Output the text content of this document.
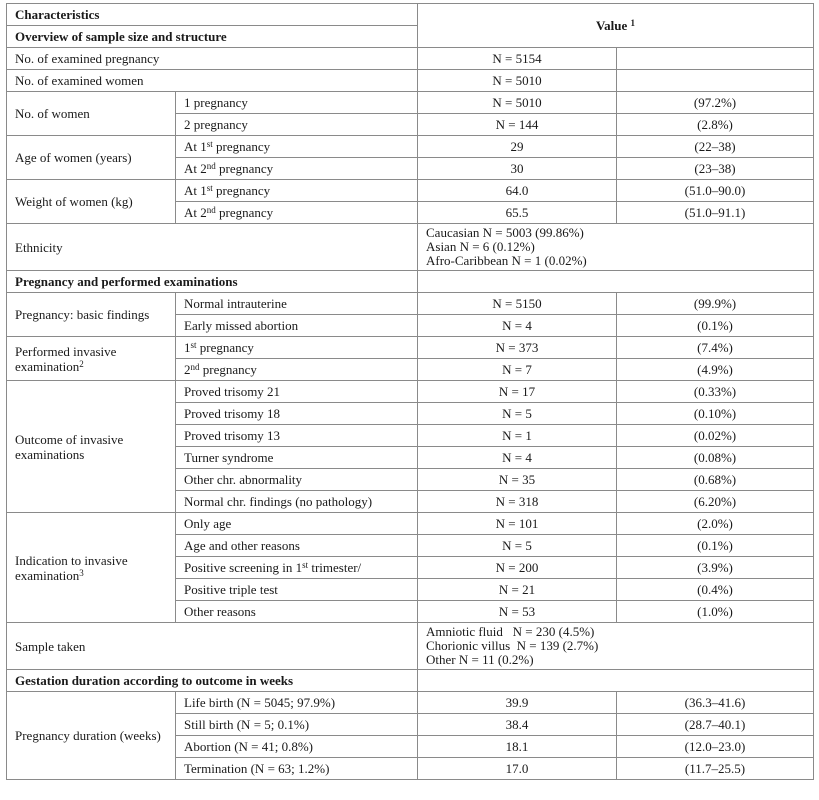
Characteristics		Value $^1$
Overview of sample size and structure			
No. of examined pregnancy		N = 5154	
No. of examined women		N = 5010	
No. of women	1 pregnancy	N = 5010	(97.2%)
	2 pregnancy	N = 144	(2.8%)
Age of women (years)	At 1st pregnancy	29	(22–38)
	At 2nd pregnancy	30	(23–38)
Weight of women (kg)	At 1st pregnancy	64.0	(51.0–90.0)
	At 2nd pregnancy	65.5	(51.0–91.1)
Ethnicity		Caucasian N = 5003 (99.86%)
Asian N = 6 (0.12%)
Afro-Caribbean N = 1 (0.02%)	

Pregnancy and performed examinations			
Pregnancy: basic findings	Normal intrauterine	N = 5150	(99.9%)
	Early missed abortion	N = 4	(0.1%)
Performed invasive
examination$^2$	1st pregnancy	N = 373	(7.4%)
	2nd pregnancy	N = 7	(4.9%)
Outcome of invasive
examinations	Proved trisomy 21	N = 17	(0.33%)
	Proved trisomy 18	N = 5	(0.10%)
	Proved trisomy 13	N = 1	(0.02%)
	Turner syndrome	N = 4	(0.08%)
	Other chr. abnormality	N = 35	(0.68%)
	Normal chr. findings (no pathology)	N = 318	(6.20%)
Indication to invasive
examination$^3$	Only age	N = 101	(2.0%)
	Age and other reasons	N = 5	(0.1%)
	Positive screening in 1st trimester/	N = 200	(3.9%)
	Positive triple test	N = 21	(0.4%)
	Other reasons	N = 53	(1.0%)
Sample taken		Amniotic fluid   N = 230 (4.5%)
Chorionic villus  N = 139 (2.7%)
Other N = 11 (0.2%)	

Gestation duration according to outcome in weeks			
Pregnancy duration (weeks)	Life birth (N = 5045; 97.9%)	39.9	(36.3–41.6)
	Still birth (N = 5; 0.1%)	38.4	(28.7–40.1)
	Abortion (N = 41; 0.8%)	18.1	(12.0–23.0)
	Termination (N = 63; 1.2%)	17.0	(11.7–25.5)
